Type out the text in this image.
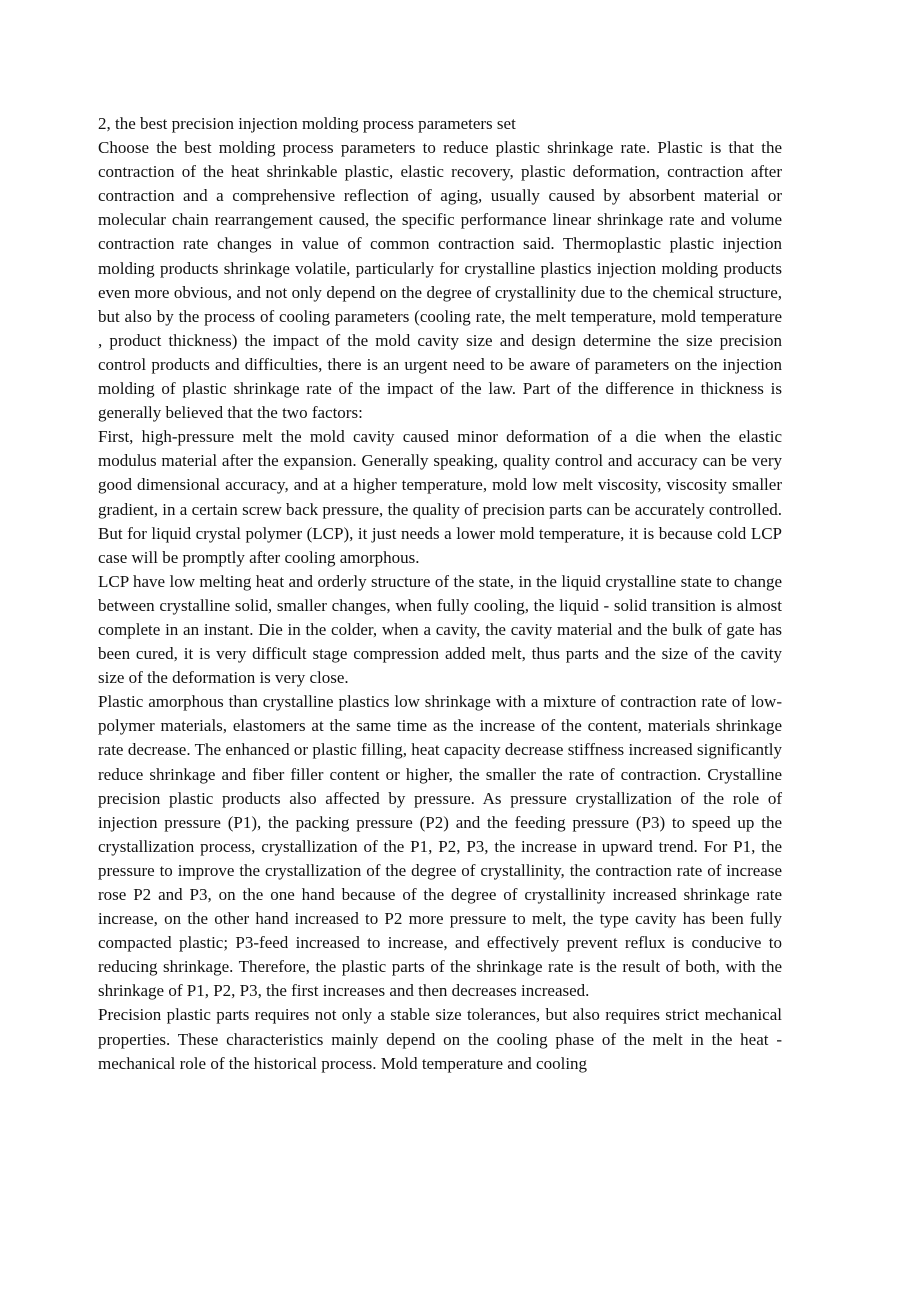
2, the best precision injection molding process parameters set

Choose the best molding process parameters to reduce plastic shrinkage rate. Plastic is that the contraction of the heat shrinkable plastic, elastic recovery, plastic deformation, contraction after contraction and a comprehensive reflection of aging, usually caused by absorbent material or molecular chain rearrangement caused, the specific performance linear shrinkage rate and volume contraction rate changes in value of common contraction said. Thermoplastic plastic injection molding products shrinkage volatile, particularly for crystalline plastics injection molding products even more obvious, and not only depend on the degree of crystallinity due to the chemical structure, but also by the process of cooling parameters (cooling rate, the melt temperature, mold temperature , product thickness) the impact of the mold cavity size and design determine the size precision control products and difficulties, there is an urgent need to be aware of parameters on the injection molding of plastic shrinkage rate of the impact of the law. Part of the difference in thickness is generally believed that the two factors:

First, high-pressure melt the mold cavity caused minor deformation of a die when the elastic modulus material after the expansion. Generally speaking, quality control and accuracy can be very good dimensional accuracy, and at a higher temperature, mold low melt viscosity, viscosity smaller gradient, in a certain screw back pressure, the quality of precision parts can be accurately controlled. But for liquid crystal polymer (LCP), it just needs a lower mold temperature, it is because cold LCP case will be promptly after cooling amorphous.

LCP have low melting heat and orderly structure of the state, in the liquid crystalline state to change between crystalline solid, smaller changes, when fully cooling, the liquid - solid transition is almost complete in an instant. Die in the colder, when a cavity, the cavity material and the bulk of gate has been cured, it is very difficult stage compression added melt, thus parts and the size of the cavity size of the deformation is very close.

Plastic amorphous than crystalline plastics low shrinkage with a mixture of contraction rate of low-polymer materials, elastomers at the same time as the increase of the content, materials shrinkage rate decrease. The enhanced or plastic filling, heat capacity decrease stiffness increased significantly reduce shrinkage and fiber filler content or higher, the smaller the rate of contraction. Crystalline precision plastic products also affected by pressure. As pressure crystallization of the role of injection pressure (P1), the packing pressure (P2) and the feeding pressure (P3) to speed up the crystallization process, crystallization of the P1, P2, P3, the increase in upward trend. For P1, the pressure to improve the crystallization of the degree of crystallinity, the contraction rate of increase rose P2 and P3, on the one hand because of the degree of crystallinity increased shrinkage rate increase, on the other hand increased to P2 more pressure to melt, the type cavity has been fully compacted plastic; P3-feed increased to increase, and effectively prevent reflux is conducive to reducing shrinkage. Therefore, the plastic parts of the shrinkage rate is the result of both, with the shrinkage of P1, P2, P3, the first increases and then decreases increased.

Precision plastic parts requires not only a stable size tolerances, but also requires strict mechanical properties. These characteristics mainly depend on the cooling phase of the melt in the heat - mechanical role of the historical process. Mold temperature and cooling
